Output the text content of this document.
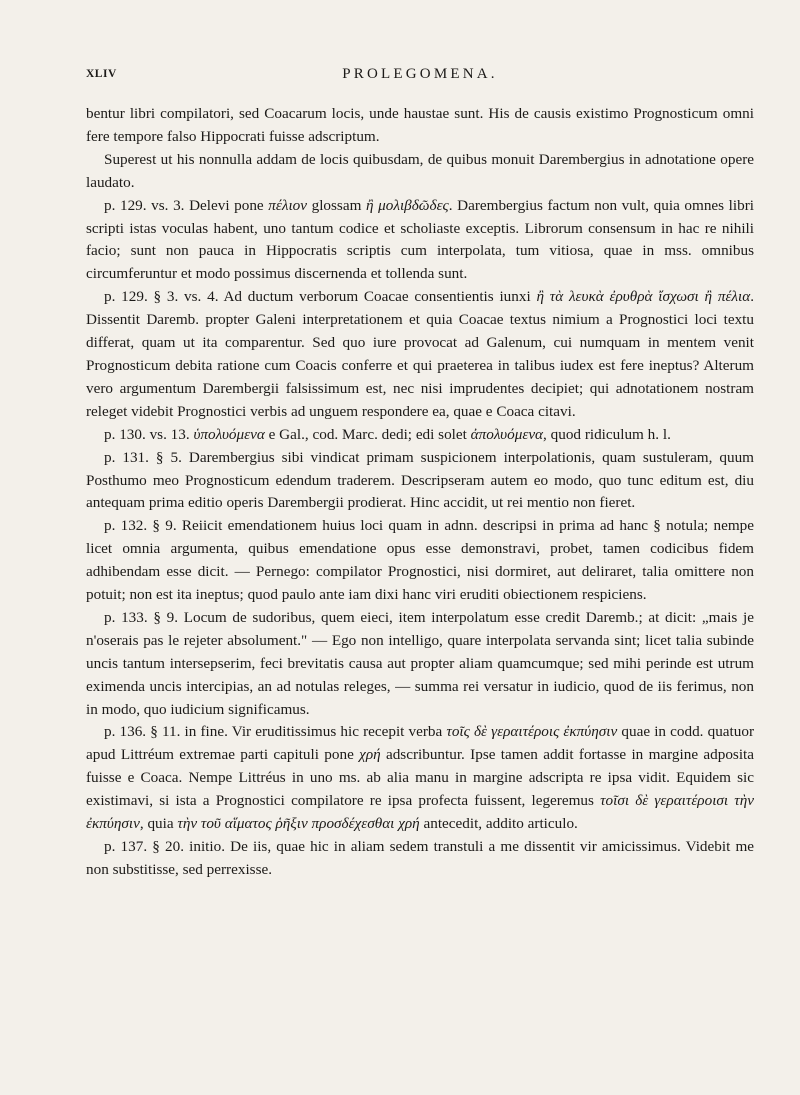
XLIV	PROLEGOMENA.

bentur libri compilatori, sed Coacarum locis, unde haustae sunt. His de causis existimo Prognosticum omni fere tempore falso Hippocrati fuisse adscriptum.

Superest ut his nonnulla addam de locis quibusdam, de quibus monuit Darembergius in adnotatione opere laudato.

p. 129. vs. 3. Delevi pone πέλιον glossam ἢ μολιβδῶδες. Darembergius factum non vult, quia omnes libri scripti istas voculas habent, uno tantum codice et scholiaste exceptis. Librorum consensum in hac re nihili facio; sunt non pauca in Hippocratis scriptis cum interpolata, tum vitiosa, quae in mss. omnibus circumferuntur et modo possimus discernenda et tollenda sunt.

p. 129. § 3. vs. 4. Ad ductum verborum Coacae consentientis iunxi ἢ τὰ λευκὰ ἐρυθρὰ ἴσχωσι ἢ πέλια. Dissentit Daremb. propter Galeni interpretationem et quia Coacae textus nimium a Prognostici loci textu differat, quam ut ita comparentur. Sed quo iure provocat ad Galenum, cui numquam in mentem venit Prognosticum debita ratione cum Coacis conferre et qui praeterea in talibus iudex est fere ineptus? Alterum vero argumentum Darembergii falsissimum est, nec nisi imprudentes decipiet; qui adnotationem nostram releget videbit Prognostici verbis ad unguem respondere ea, quae e Coaca citavi.

p. 130. vs. 13. ὑπολυόμενα e Gal., cod. Marc. dedi; edi solet ἀπολυόμενα, quod ridiculum h. l.

p. 131. § 5. Darembergius sibi vindicat primam suspicionem interpolationis, quam sustuleram, quum Posthumo meo Prognosticum edendum traderem. Descripseram autem eo modo, quo tunc editum est, diu antequam prima editio operis Darembergii prodierat. Hinc accidit, ut rei mentio non fieret.

p. 132. § 9. Reiicit emendationem huius loci quam in adnn. descripsi in prima ad hanc § notula; nempe licet omnia argumenta, quibus emendatione opus esse demonstravi, probet, tamen codicibus fidem adhibendam esse dicit. — Pernego: compilator Prognostici, nisi dormiret, aut deliraret, talia omittere non potuit; non est ita ineptus; quod paulo ante iam dixi hanc viri eruditi obiectionem respiciens.

p. 133. § 9. Locum de sudoribus, quem eieci, item interpolatum esse credit Daremb.; at dicit: „mais je n'oserais pas le rejeter absolument." — Ego non intelligo, quare interpolata servanda sint; licet talia subinde uncis tantum intersepserim, feci brevitatis causa aut propter aliam quamcumque; sed mihi perinde est utrum eximenda uncis intercipias, an ad notulas releges, — summa rei versatur in iudicio, quod de iis ferimus, non in modo, quo iudicium significamus.

p. 136. § 11. in fine. Vir eruditissimus hic recepit verba τοῖς δὲ γεραιτέροις ἐκπύησιν quae in codd. quatuor apud Littréum extremae parti capituli pone χρή adscribuntur. Ipse tamen addit fortasse in margine adposita fuisse e Coaca. Nempe Littréus in uno ms. ab alia manu in margine adscripta re ipsa vidit. Equidem sic existimavi, si ista a Prognostici compilatore re ipsa profecta fuissent, legeremus τοῖσι δὲ γεραιτέροισι τὴν ἐκπύησιν, quia τὴν τοῦ αἵματος ῥῆξιν προσδέχεσθαι χρή antecedit, addito articulo.

p. 137. § 20. initio. De iis, quae hic in aliam sedem transtuli a me dissentit vir amicissimus. Videbit me non substitisse, sed perrexisse.
